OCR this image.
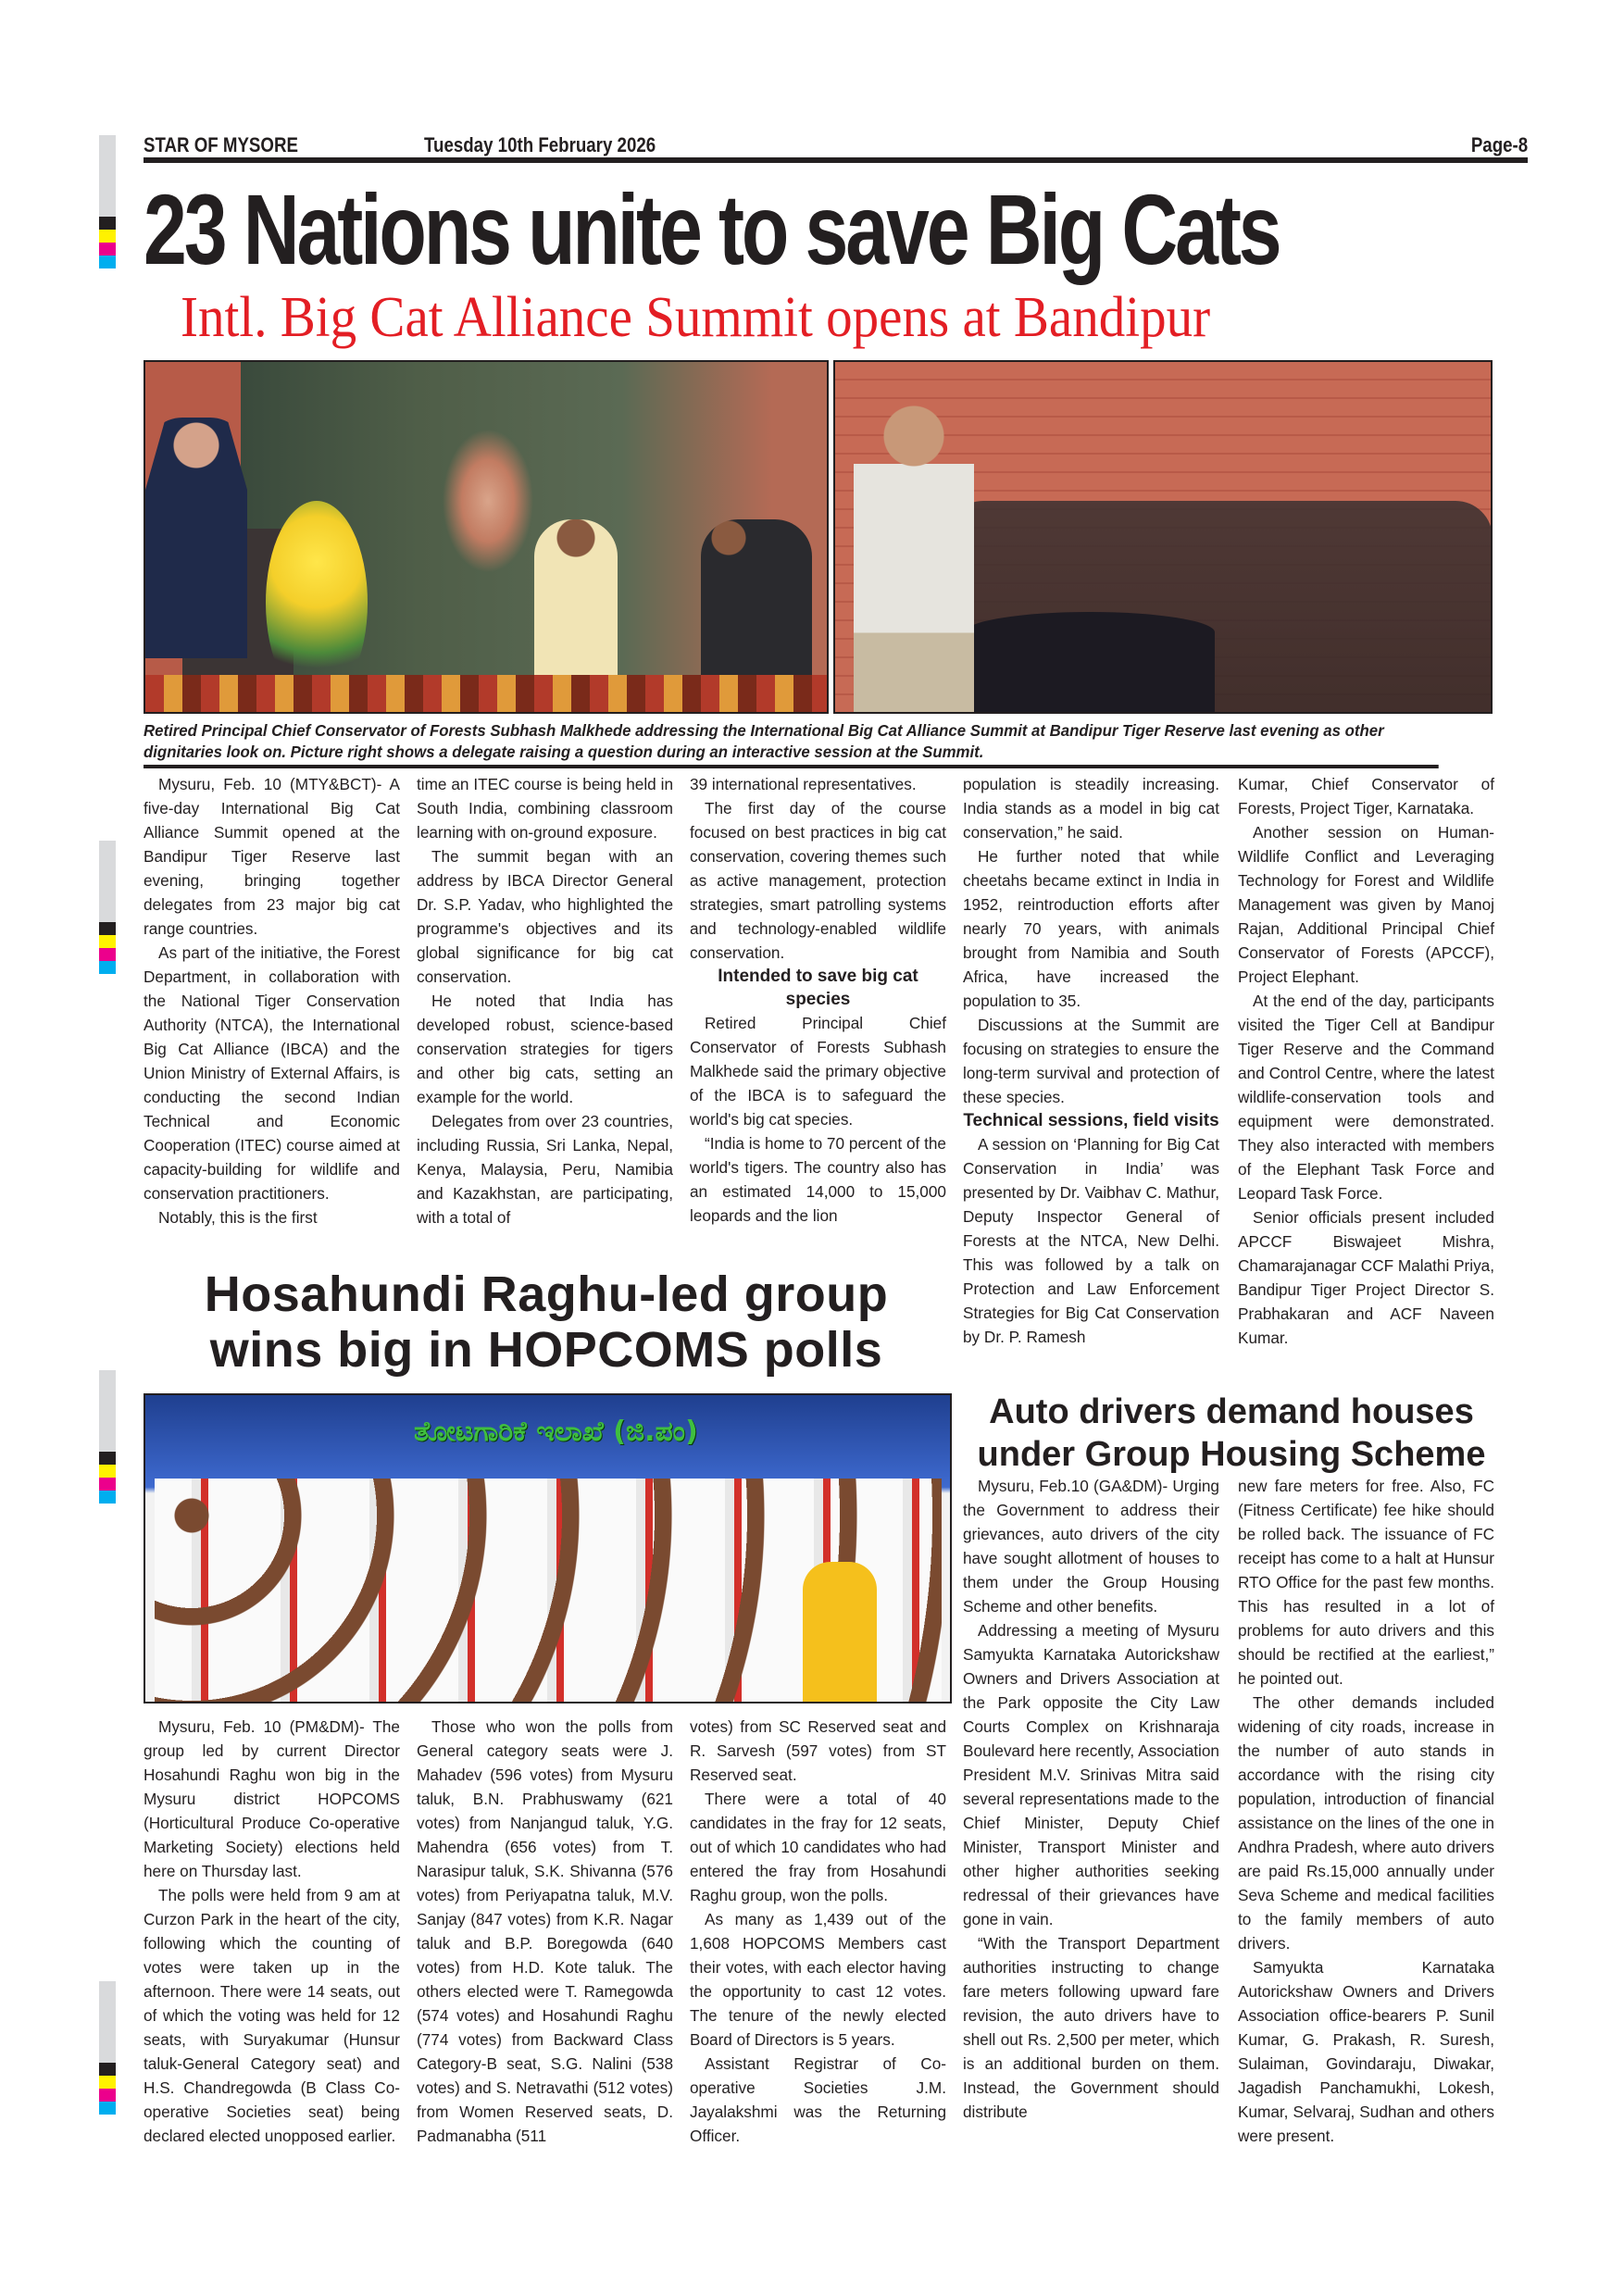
STAR OF MYSORE	Tuesday 10th February 2026	Page-8
23 Nations unite to save Big Cats
Intl. Big Cat Alliance Summit opens at Bandipur
Retired Principal Chief Conservator of Forests Subhash Malkhede addressing the International Big Cat Alliance Summit at Bandipur Tiger Reserve last evening as other dignitaries look on. Picture right shows a delegate raising a question during an interactive session at the Summit.

Mysuru, Feb. 10 (MTY&BCT)- A five-day International Big Cat Alliance Summit opened at the Bandipur Tiger Reserve last evening, bringing together delegates from 23 major big cat range countries.

As part of the initiative, the Forest Department, in collaboration with the National Tiger Conservation Authority (NTCA), the International Big Cat Alliance (IBCA) and the Union Ministry of External Affairs, is conducting the second Indian Technical and Economic Cooperation (ITEC) course aimed at capacity-building for wildlife and conservation practitioners.

Notably, this is the first

time an ITEC course is being held in South India, combining classroom learning with on-ground exposure.

The summit began with an address by IBCA Director General Dr. S.P. Yadav, who highlighted the programme's objectives and its global significance for big cat conservation.

He noted that India has developed robust, science-based conservation strategies for tigers and other big cats, setting an example for the world.

Delegates from over 23 countries, including Russia, Sri Lanka, Nepal, Kenya, Malaysia, Peru, Namibia and Kazakhstan, are participating, with a total of

39 international representatives.

The first day of the course focused on best practices in big cat conservation, covering themes such as active management, protection strategies, smart patrolling systems and technology-enabled wildlife conservation.

Intended to save big cat species

Retired Principal Chief Conservator of Forests Subhash Malkhede said the primary objective of the IBCA is to safeguard the world's big cat species.

“India is home to 70 percent of the world's tigers. The country also has an estimated 14,000 to 15,000 leopards and the lion

population is steadily increasing. India stands as a model in big cat conservation,” he said.

He further noted that while cheetahs became extinct in India in 1952, reintroduction efforts after nearly 70 years, with animals brought from Namibia and South Africa, have increased the population to 35.

Discussions at the Summit are focusing on strategies to ensure the long-term survival and protection of these species.

Technical sessions, field visits

A session on ‘Planning for Big Cat Conservation in India’ was presented by Dr. Vaibhav C. Mathur, Deputy Inspector General of Forests at the NTCA, New Delhi. This was followed by a talk on Protection and Law Enforcement Strategies for Big Cat Conservation by Dr. P. Ramesh

Kumar, Chief Conservator of Forests, Project Tiger, Karnataka.

Another session on Human-Wildlife Conflict and Leveraging Technology for Forest and Wildlife Management was given by Manoj Rajan, Additional Principal Chief Conservator of Forests (APCCF), Project Elephant.

At the end of the day, participants visited the Tiger Cell at Bandipur Tiger Reserve and the Command and Control Centre, where the latest wildlife-conservation tools and equipment were demonstrated. They also interacted with members of the Elephant Task Force and Leopard Task Force.

Senior officials present included APCCF Biswajeet Mishra, Chamarajanagar CCF Malathi Priya, Bandipur Tiger Project Director S. Prabhakaran and ACF Naveen Kumar.

Hosahundi Raghu-led group
wins big in HOPCOMS polls
ತೋಟಗಾರಿಕೆ ಇಲಾಖೆ (ಜಿ.ಪಂ)

Mysuru, Feb. 10 (PM&DM)- The group led by current Director Hosahundi Raghu won big in the Mysuru district HOPCOMS (Horticultural Produce Co-operative Marketing Society) elections held here on Thursday last.

The polls were held from 9 am at Curzon Park in the heart of the city, following which the counting of votes were taken up in the afternoon. There were 14 seats, out of which the voting was held for 12 seats, with Suryakumar (Hunsur taluk-General Category seat) and H.S. Chandregowda (B Class Co-operative Societies seat) being declared elected unopposed earlier.

Those who won the polls from General category seats were J. Mahadev (596 votes) from Mysuru taluk, B.N. Prabhuswamy (621 votes) from Nanjangud taluk, Y.G. Mahendra (656 votes) from T. Narasipur taluk, S.K. Shivanna (576 votes) from Periyapatna taluk, M.V. Sanjay (847 votes) from K.R. Nagar taluk and B.P. Boregowda (640 votes) from H.D. Kote taluk. The others elected were T. Ramegowda (574 votes) and Hosahundi Raghu (774 votes) from Backward Class Category-B seat, S.G. Nalini (538 votes) and S. Netravathi (512 votes) from Women Reserved seats, D. Padmanabha (511

votes) from SC Reserved seat and R. Sarvesh (597 votes) from ST Reserved seat.

There were a total of 40 candidates in the fray for 12 seats, out of which 10 candidates who had entered the fray from Hosahundi Raghu group, won the polls.

As many as 1,439 out of the 1,608 HOPCOMS Members cast their votes, with each elector having the opportunity to cast 12 votes. The tenure of the newly elected Board of Directors is 5 years.

Assistant Registrar of Co-operative Societies J.M. Jayalakshmi was the Returning Officer.

Auto drivers demand houses
under Group Housing Scheme

Mysuru, Feb.10 (GA&DM)- Urging the Government to address their grievances, auto drivers of the city have sought allotment of houses to them under the Group Housing Scheme and other benefits.

Addressing a meeting of Mysuru Samyukta Karnataka Autorickshaw Owners and Drivers Association at the Park opposite the City Law Courts Complex on Krishnaraja Boulevard here recently, Association President M.V. Srinivas Mitra said several representations made to the Chief Minister, Deputy Chief Minister, Transport Minister and other higher authorities seeking redressal of their grievances have gone in vain.

“With the Transport Department authorities instructing to change fare meters following upward fare revision, the auto drivers have to shell out Rs. 2,500 per meter, which is an additional burden on them. Instead, the Government should distribute

new fare meters for free. Also, FC (Fitness Certificate) fee hike should be rolled back. The issuance of FC receipt has come to a halt at Hunsur RTO Office for the past few months. This has resulted in a lot of problems for auto drivers and this should be rectified at the earliest,” he pointed out.

The other demands included widening of city roads, increase in the number of auto stands in accordance with the rising city population, introduction of financial assistance on the lines of the one in Andhra Pradesh, where auto drivers are paid Rs.15,000 annually under Seva Scheme and medical facilities to the family members of auto drivers.

Samyukta Karnataka Autorickshaw Owners and Drivers Association office-bearers P. Sunil Kumar, G. Prakash, R. Suresh, Sulaiman, Govindaraju, Diwakar, Jagadish Panchamukhi, Lokesh, Kumar, Selvaraj, Sudhan and others were present.
